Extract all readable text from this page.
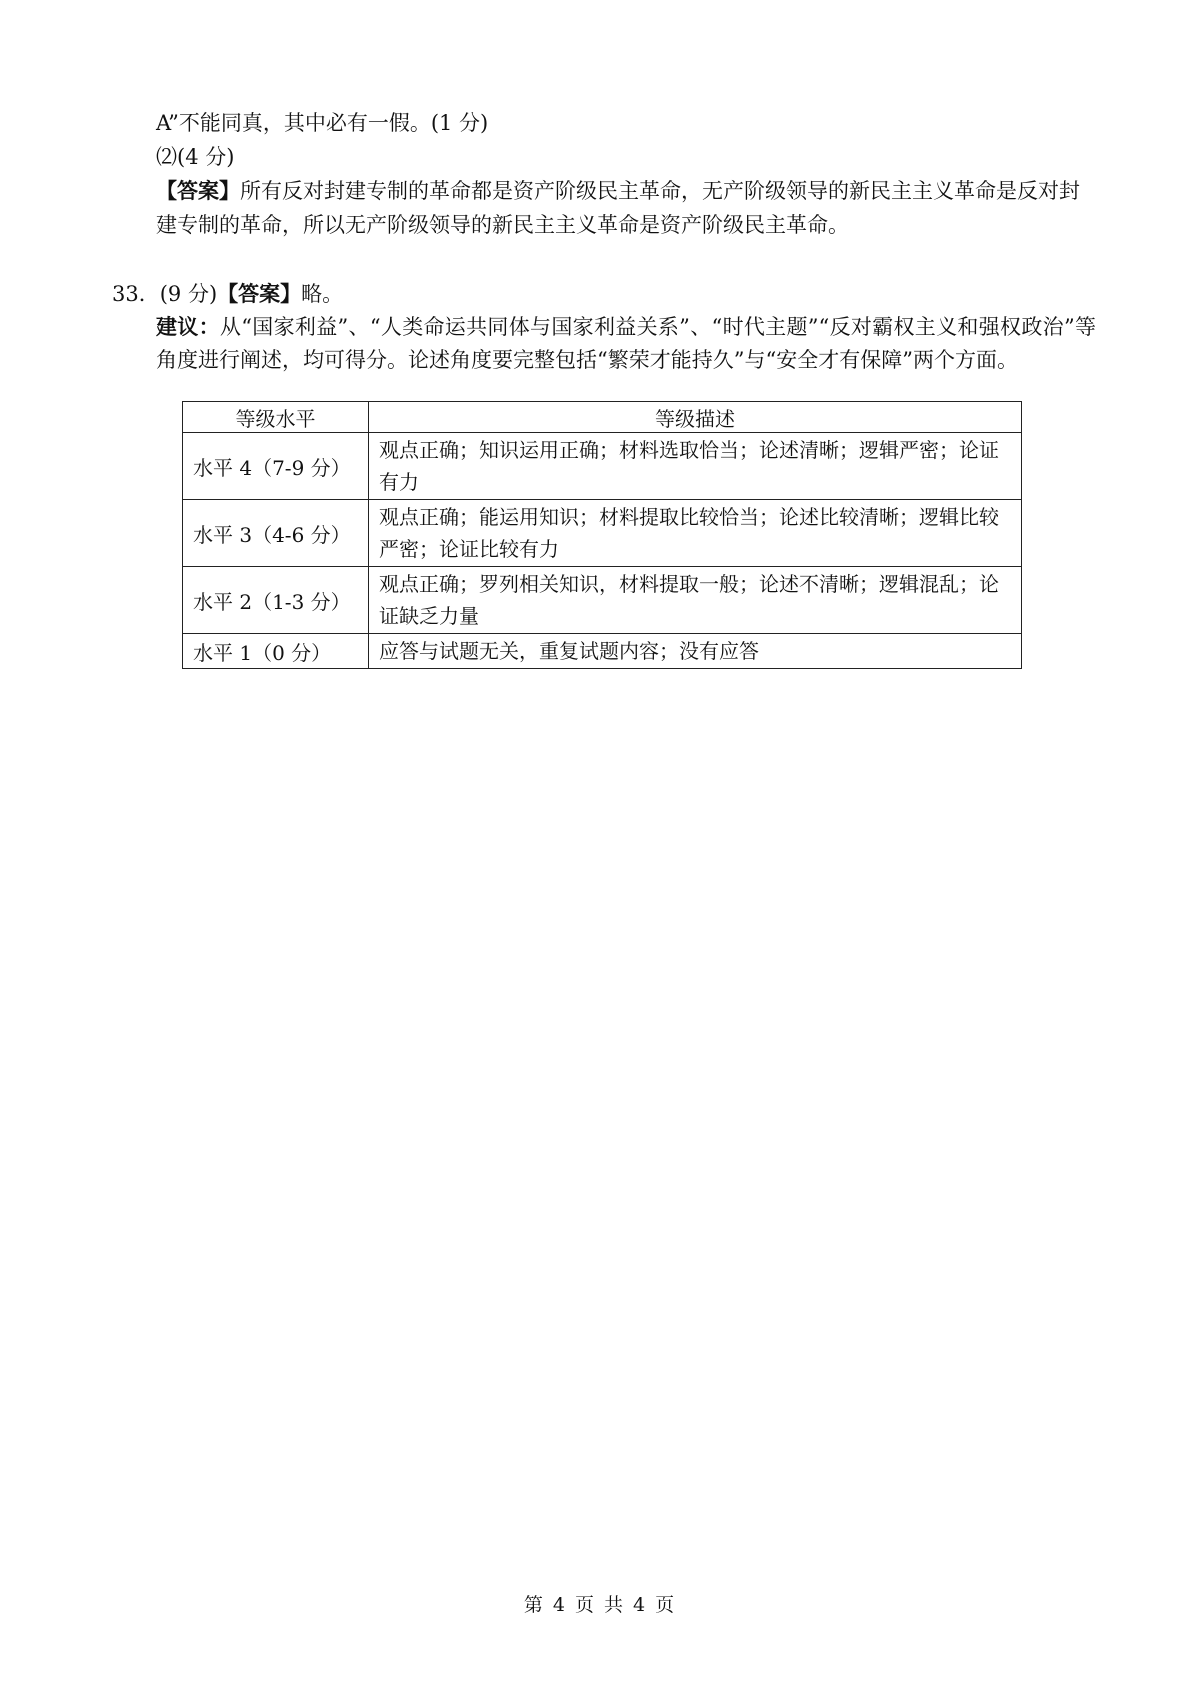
A”不能同真，其中必有一假。(1 分)
⑵(4 分)
【答案】所有反对封建专制的革命都是资产阶级民主革命，无产阶级领导的新民主主义革命是反对封
建专制的革命，所以无产阶级领导的新民主主义革命是资产阶级民主革命。
33．(9 分)【答案】略。
建议：从“国家利益”、“人类命运共同体与国家利益关系”、“时代主题”“反对霸权主义和强权政治”等角度进行阐述，均可得分。论述角度要完整包括“繁荣才能持久”与“安全才有保障”两个方面。
等级水平	等级描述
水平 4（7-9 分）	观点正确；知识运用正确；材料选取恰当；论述清晰；逻辑严密；论证有力
水平 3（4-6 分）	观点正确；能运用知识；材料提取比较恰当；论述比较清晰；逻辑比较严密；论证比较有力
水平 2（1-3 分）	观点正确；罗列相关知识，材料提取一般；论述不清晰；逻辑混乱；论证缺乏力量
水平 1（0 分）	应答与试题无关，重复试题内容；没有应答
第 4 页 共 4 页
